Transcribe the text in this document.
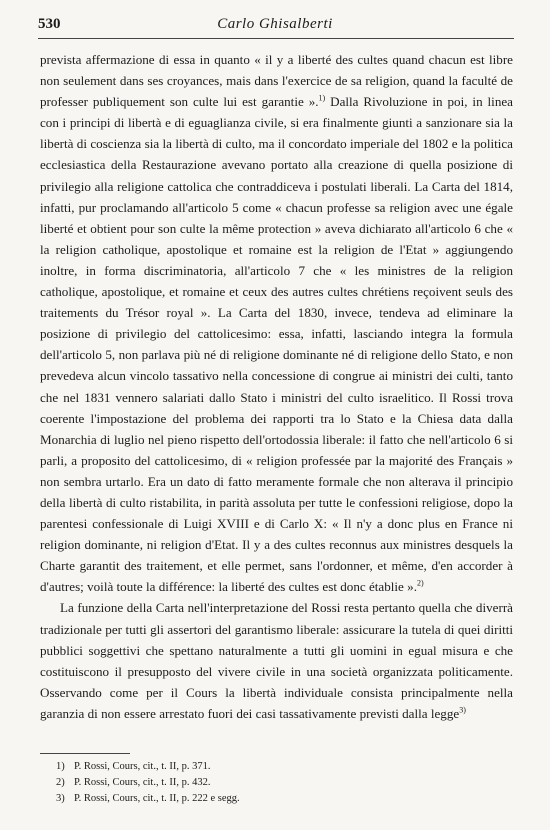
530	Carlo Ghisalberti

prevista affermazione di essa in quanto « il y a liberté des cultes quand chacun est libre non seulement dans ses croyances, mais dans l'exercice de sa religion, quand la faculté de professer publiquement son culte lui est garantie ».$^{1)}$ Dalla Rivoluzione in poi, in linea con i principi di libertà e di eguaglianza civile, si era finalmente giunti a sanzionare sia la libertà di coscienza sia la libertà di culto, ma il concordato imperiale del 1802 e la politica ecclesiastica della Restaurazione avevano portato alla creazione di quella posizione di privilegio alla religione cattolica che contraddiceva i postulati liberali. La Carta del 1814, infatti, pur proclamando all'articolo 5 come « chacun professe sa religion avec une égale liberté et obtient pour son culte la même protection » aveva dichiarato all'articolo 6 che « la religion catholique, apostolique et romaine est la religion de l'Etat » aggiungendo inoltre, in forma discriminatoria, all'articolo 7 che « les ministres de la religion catholique, apostolique, et romaine et ceux des autres cultes chrétiens reçoivent seuls des traitements du Trésor royal ». La Carta del 1830, invece, tendeva ad eliminare la posizione di privilegio del cattolicesimo: essa, infatti, lasciando integra la formula dell'articolo 5, non parlava più né di religione dominante né di religione dello Stato, e non prevedeva alcun vincolo tassativo nella concessione di congrue ai ministri dei culti, tanto che nel 1831 vennero salariati dallo Stato i ministri del culto israelitico. Il Rossi trova coerente l'impostazione del problema dei rapporti tra lo Stato e la Chiesa data dalla Monarchia di luglio nel pieno rispetto dell'ortodossia liberale: il fatto che nell'articolo 6 si parli, a proposito del cattolicesimo, di « religion professée par la majorité des Français » non sembra urtarlo. Era un dato di fatto meramente formale che non alterava il principio della libertà di culto ristabilita, in parità assoluta per tutte le confessioni religiose, dopo la parentesi confessionale di Luigi XVIII e di Carlo X: « Il n'y a donc plus en France ni religion dominante, ni religion d'Etat. Il y a des cultes reconnus aux ministres desquels la Charte garantit des traitement, et elle permet, sans l'ordonner, et même, d'en accorder à d'autres; voilà toute la différence: la liberté des cultes est donc établie ».$^{2)}$

La funzione della Carta nell'interpretazione del Rossi resta pertanto quella che diverrà tradizionale per tutti gli assertori del garantismo liberale: assicurare la tutela di quei diritti pubblici soggettivi che spettano naturalmente a tutti gli uomini in egual misura e che costituiscono il presupposto del vivere civile in una società organizzata politicamente. Osservando come per il Cours la libertà individuale consista principalmente nella garanzia di non essere arrestato fuori dei casi tassativamente previsti dalla legge$^{3)}$

1) P. Rossi, Cours, cit., t. II, p. 371.

2) P. Rossi, Cours, cit., t. II, p. 432.

3) P. Rossi, Cours, cit., t. II, p. 222 e segg.
